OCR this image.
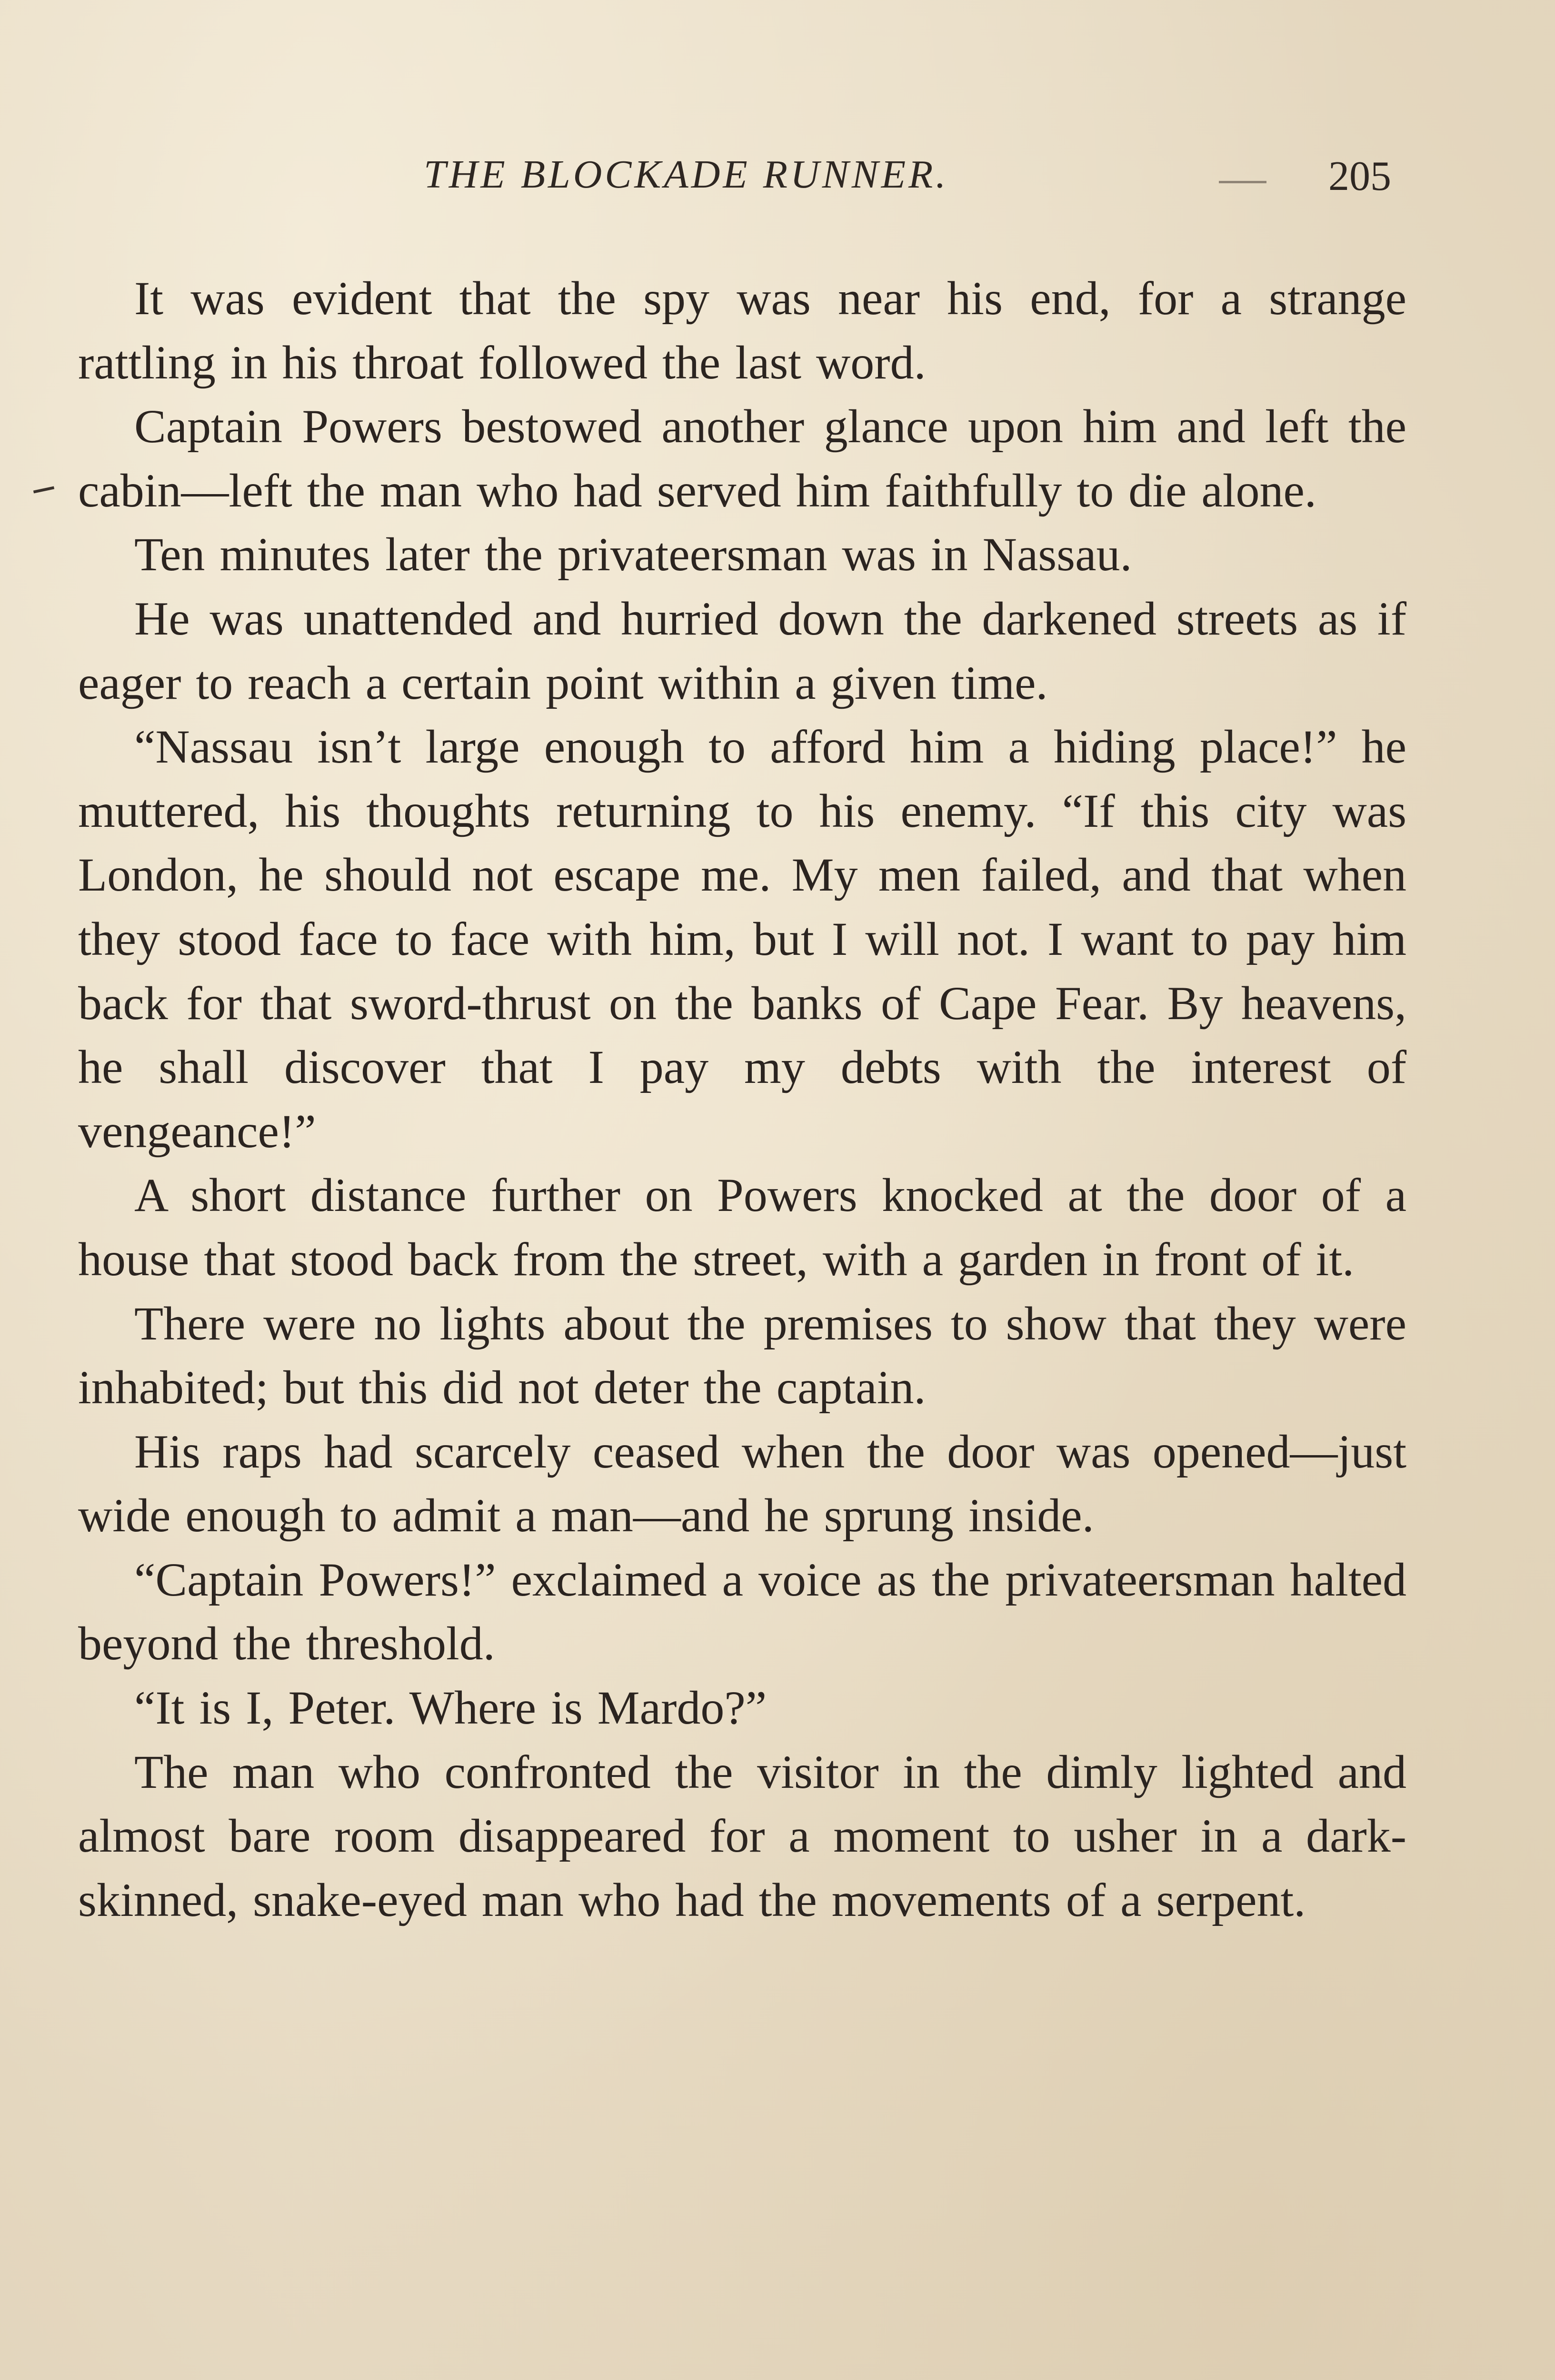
THE BLOCKADE RUNNER.	205

It was evident that the spy was near his end, for a strange rattling in his throat followed the last word.

Captain Powers bestowed another glance upon him and left the cabin—left the man who had served him faithfully to die alone.

Ten minutes later the privateersman was in Nassau.

He was unattended and hurried down the darkened streets as if eager to reach a certain point within a given time.

“Nassau isn’t large enough to afford him a hiding place!” he muttered, his thoughts returning to his enemy. “If this city was London, he should not escape me. My men failed, and that when they stood face to face with him, but I will not. I want to pay him back for that sword-thrust on the banks of Cape Fear. By heavens, he shall discover that I pay my debts with the interest of vengeance!”

A short distance further on Powers knocked at the door of a house that stood back from the street, with a garden in front of it.

There were no lights about the premises to show that they were inhabited; but this did not deter the captain.

His raps had scarcely ceased when the door was opened—just wide enough to admit a man—and he sprung inside.

“Captain Powers!” exclaimed a voice as the privateersman halted beyond the threshold.

“It is I, Peter. Where is Mardo?”

The man who confronted the visitor in the dimly lighted and almost bare room disappeared for a moment to usher in a dark-skinned, snake-eyed man who had the movements of a serpent.
